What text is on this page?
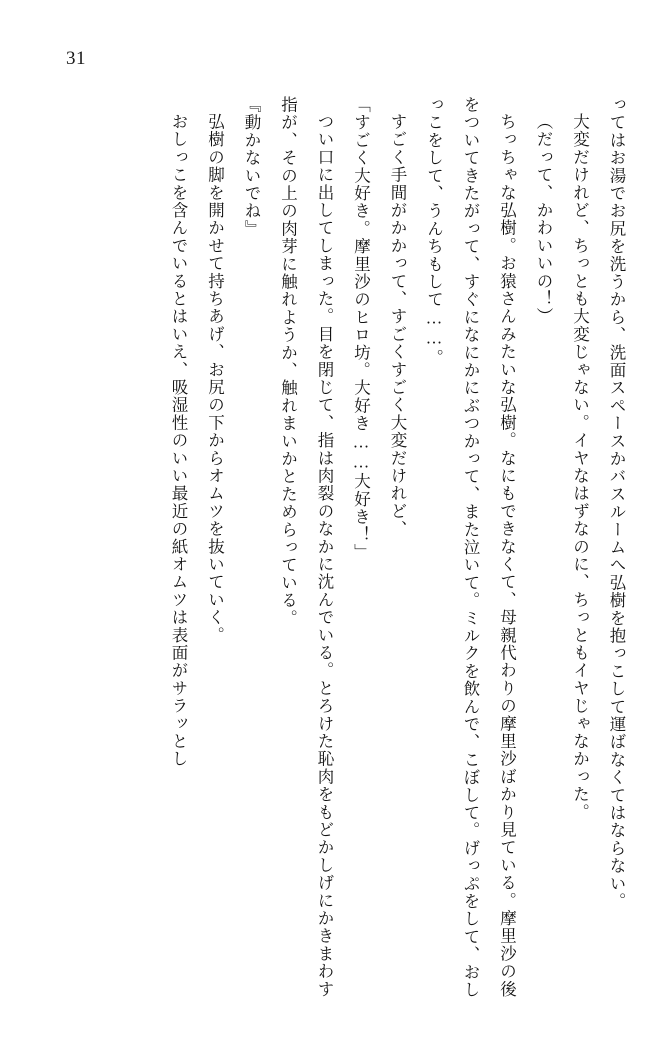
31

ってはお湯でお尻を洗うから、洗面スペースかバスルームへ弘樹を抱っこして運ばなくてはならない。

大変だけれど、ちっとも大変じゃない。イヤなはずなのに、ちっともイヤじゃなかった。

（だって、かわいいの！）

ちっちゃな弘樹。お猿さんみたいな弘樹。なにもできなくて、母親代わりの摩里沙ばかり見ている。摩里沙の後をついてきたがって、すぐになにかにぶつかって、また泣いて。ミルクを飲んで、こぼして。げっぷをして、おしっこをして、うんちもして……。

すごく手間がかかって、すごくすごく大変だけれど、

「すごく大好き。摩里沙のヒロ坊。大好き……大好き！」

つい口に出してしまった。目を閉じて、指は肉裂のなかに沈んでいる。とろけた恥肉をもどかしげにかきまわす指が、その上の肉芽に触れようか、触れまいかとためらっている。

『動かないでね』

弘樹の脚を開かせて持ちあげ、お尻の下からオムツを抜いていく。

おしっこを含んでいるとはいえ、吸湿性のいい最近の紙オムツは表面がサラッとし
